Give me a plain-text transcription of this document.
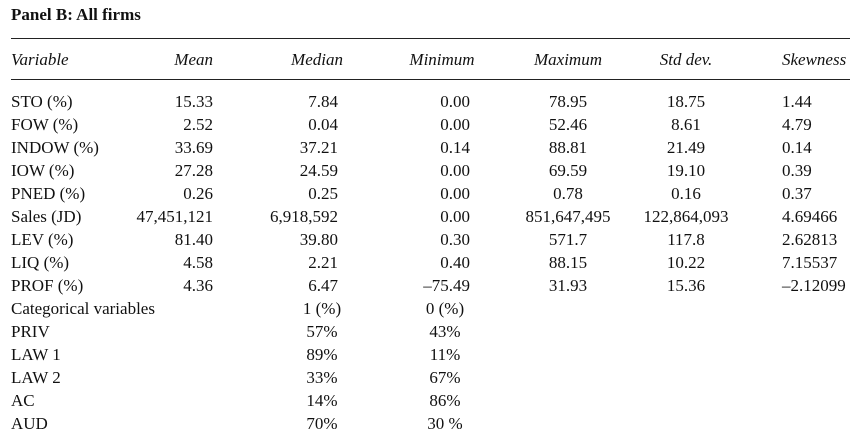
Panel B: All firms
Variable	Mean	Median	Minimum	Maximum	Std dev.	Skewness
STO (%)	15.33	7.84	0.00	78.95	18.75	1.44
FOW (%)	2.52	0.04	0.00	52.46	8.61	4.79
INDOW (%)	33.69	37.21	0.14	88.81	21.49	0.14
IOW (%)	27.28	24.59	0.00	69.59	19.10	0.39
PNED (%)	0.26	0.25	0.00	0.78	0.16	0.37
Sales (JD)	47,451,121	6,918,592	0.00	851,647,495	122,864,093	4.69466
LEV (%)	81.40	39.80	0.30	571.7	117.8	2.62813
LIQ (%)	4.58	2.21	0.40	88.15	10.22	7.15537
PROF (%)	4.36	6.47	–75.49	31.93	15.36	–2.12099
Categorical variables	1 (%)	0 (%)
PRIV	57%	43%
LAW 1	89%	11%
LAW 2	33%	67%
AC	14%	86%
AUD	70%	30 %
